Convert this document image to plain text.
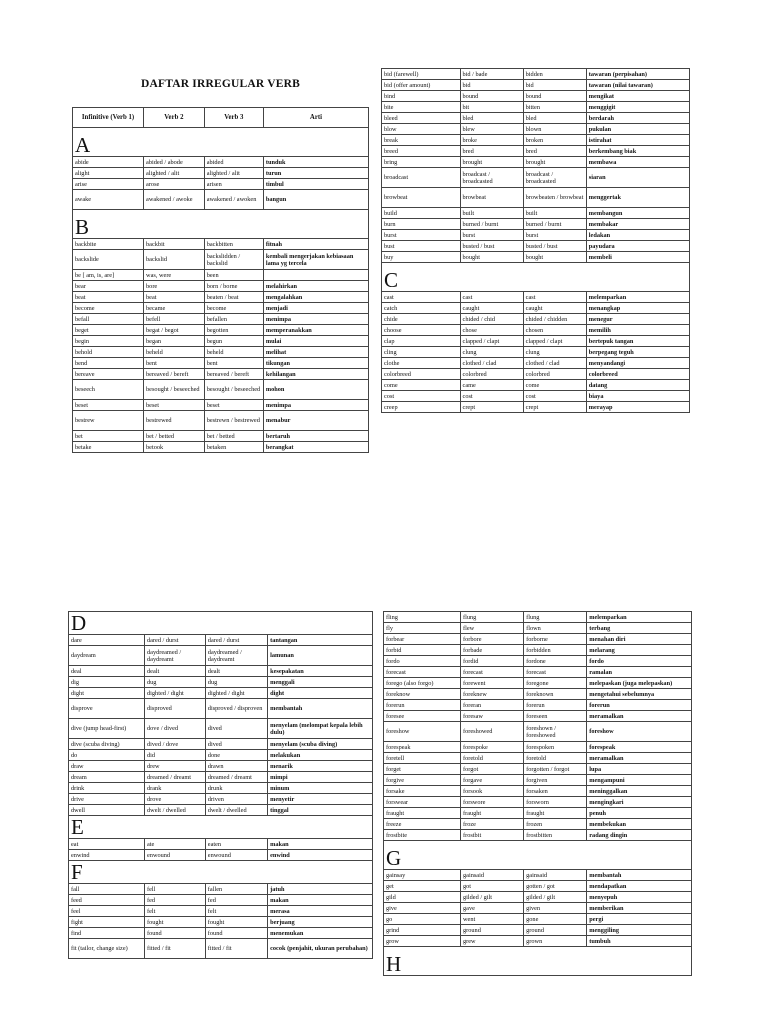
DAFTAR IRREGULAR VERB
Infinitive (Verb 1)	Verb 2	Verb 3	Arti
A			
abide	abided / abode	abided	tunduk
alight	alighted / alit	alighted / alit	turun
arise	arose	arisen	timbul
awake	awakened / awoke	awakened / awoken	bangun
B			
backbite	backbit	backbitten	fitnah
backslide	backslid	backslidden / backslid	kembali mengerjakan kebiasaan lama yg tercela
be [ am, is, are]	was, were	been	
bear	bore	born / borne	melahirkan
beat	beat	beaten / beat	mengalahkan
become	became	become	menjadi
befall	befell	befallen	menimpa
beget	begat / begot	begotten	memperanakkan
begin	began	begun	mulai
behold	beheld	beheld	melihat
bend	bent	bent	tikungan
bereave	bereaved / bereft	bereaved / bereft	kehilangan
beseech	besought / beseeched	besought / beseeched	mohon
beset	beset	beset	menimpa
bestrew	bestrewed	bestrewn / bestrewed	menabur
bet	bet / betted	bet / betted	bertaruh
betake	betook	betaken	berangkat
bid (farewell)	bid / bade	bidden	tawaran (perpisahan)
bid (offer amount)	bid	bid	tawaran (nilai tawaran)
bind	bound	bound	mengikat
bite	bit	bitten	menggigit
bleed	bled	bled	berdarah
blow	blew	blown	pukulan
break	broke	broken	istirahat
breed	bred	bred	berkembang biak
bring	brought	brought	membawa
broadcast	broadcast / broadcasted	broadcast / broadcasted	siaran
browbeat	browbeat	browbeaten / browbeat	menggertak
build	built	built	membangun
burn	burned / burnt	burned / burnt	membakar
burst	burst	burst	ledakan
bust	busted / bust	busted / bust	payudara
buy	bought	bought	membeli
C			
cast	cast	cast	melemparkan
catch	caught	caught	menangkap
chide	chided / chid	chided / chidden	menegur
choose	chose	chosen	memilih
clap	clapped / clapt	clapped / clapt	bertepuk tangan
cling	clung	clung	berpegang teguh
clothe	clothed / clad	clothed / clad	menyandangi
colorbreed	colorbred	colorbred	colorbreed
come	came	come	datang
cost	cost	cost	biaya
creep	crept	crept	merayap
D			
dare	dared / durst	dared / durst	tantangan
daydream	daydreamed / daydreamt	daydreamed / daydreamt	lamunan
deal	dealt	dealt	kesepakatan
dig	dug	dug	menggali
dight	dighted / dight	dighted / dight	dight
disprove	disproved	disproved / disproven	membantah
dive (jump head-first)	dove / dived	dived	menyelam (melompat kepala lebih dulu)
dive (scuba diving)	dived / dove	dived	menyelam (scuba diving)
do	did	done	melakukan
draw	drew	drawn	menarik
dream	dreamed / dreamt	dreamed / dreamt	mimpi
drink	drank	drunk	minum
drive	drove	driven	menyetir
dwell	dwelt / dwelled	dwelt / dwelled	tinggal
E			
eat	ate	eaten	makan
enwind	enwound	enwound	enwind
F			
fall	fell	fallen	jatuh
feed	fed	fed	makan
feel	felt	felt	merasa
fight	fought	fought	berjuang
find	found	found	menemukan
fit (tailor, change size)	fitted / fit	fitted / fit	cocok (penjahit, ukuran perubahan)
fling	flung	flung	melemparkan
fly	flew	flown	terbang
forbear	forbore	forborne	menahan diri
forbid	forbade	forbidden	melarang
fordo	fordid	fordone	fordo
forecast	forecast	forecast	ramalan
forego (also forgo)	forewent	foregone	melepaskan (juga melepaskan)
foreknow	foreknew	foreknown	mengetahui sebelumnya
forerun	foreran	forerun	forerun
foresee	foresaw	foreseen	meramalkan
foreshow	foreshowed	foreshown / foreshowed	foreshow
forespeak	forespoke	forespoken	forespeak
foretell	foretold	foretold	meramalkan
forget	forgot	forgotten / forgot	lupa
forgive	forgave	forgiven	mengampuni
forsake	forsook	forsaken	meninggalkan
forswear	forswore	forsworn	mengingkari
fraught	fraught	fraught	penuh
freeze	froze	frozen	membekukan
frostbite	frostbit	frostbitten	radang dingin
G			
gainsay	gainsaid	gainsaid	membantah
get	got	gotten / got	mendapatkan
gild	gilded / gilt	gilded / gilt	menyepuh
give	gave	given	memberikan
go	went	gone	pergi
grind	ground	ground	menggiling
grow	grew	grown	tumbuh
H			
